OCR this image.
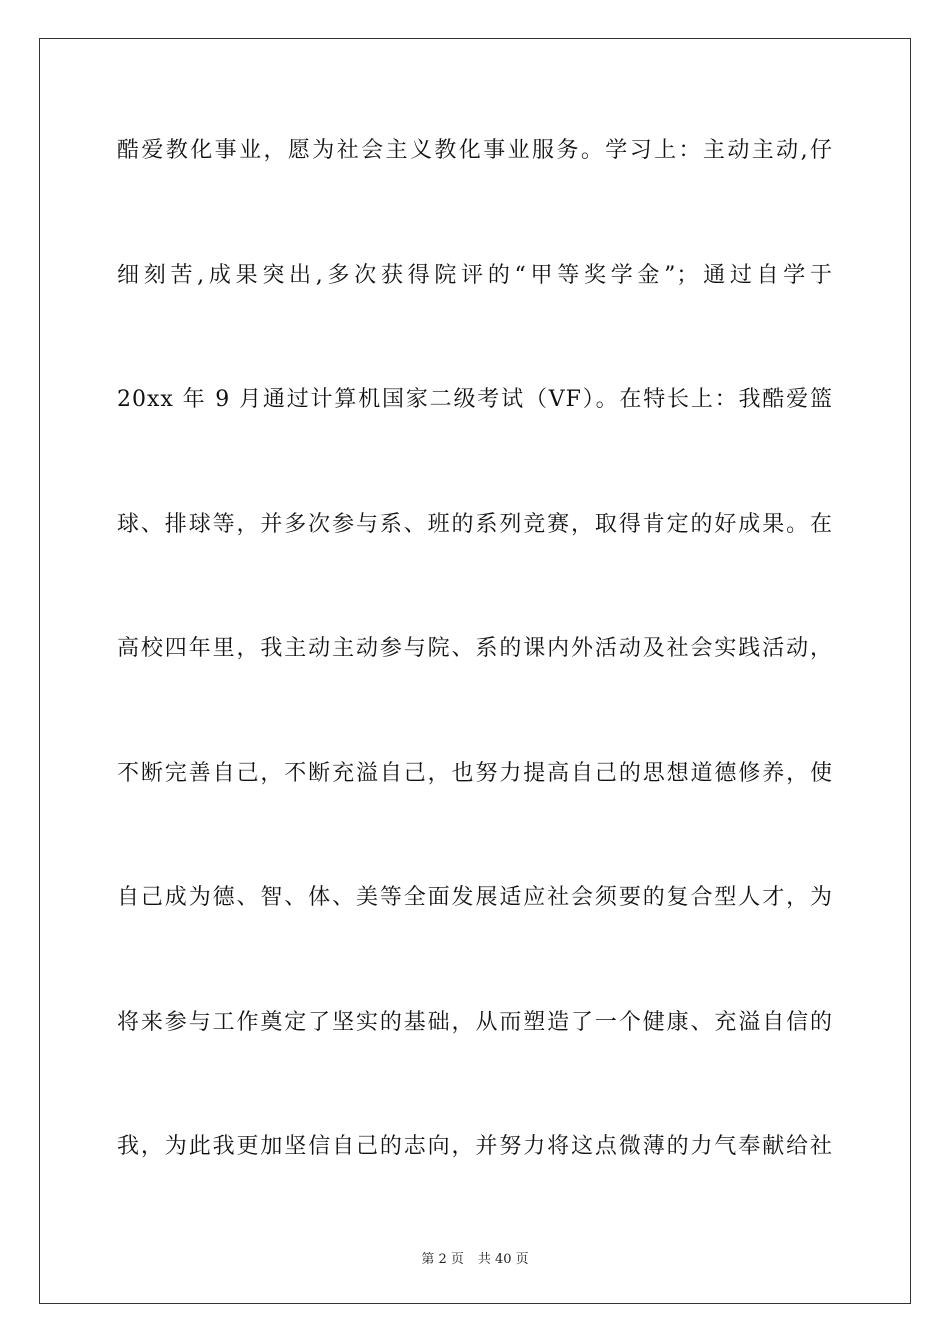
酷爱教化事业，愿为社会主义教化事业服务。学习上：主动主动,仔
细刻苦,成果突出,多次获得院评的“甲等奖学金”；通过自学于
20xx 年 9 月通过计算机国家二级考试（VF）。在特长上：我酷爱篮
球、排球等，并多次参与系、班的系列竞赛，取得肯定的好成果。在
高校四年里，我主动主动参与院、系的课内外活动及社会实践活动，
不断完善自己，不断充溢自己，也努力提高自己的思想道德修养，使
自己成为德、智、体、美等全面发展适应社会须要的复合型人才，为
将来参与工作奠定了坚实的基础，从而塑造了一个健康、充溢自信的
我，为此我更加坚信自己的志向，并努力将这点微薄的力气奉献给社
第 2 页 共 40 页
